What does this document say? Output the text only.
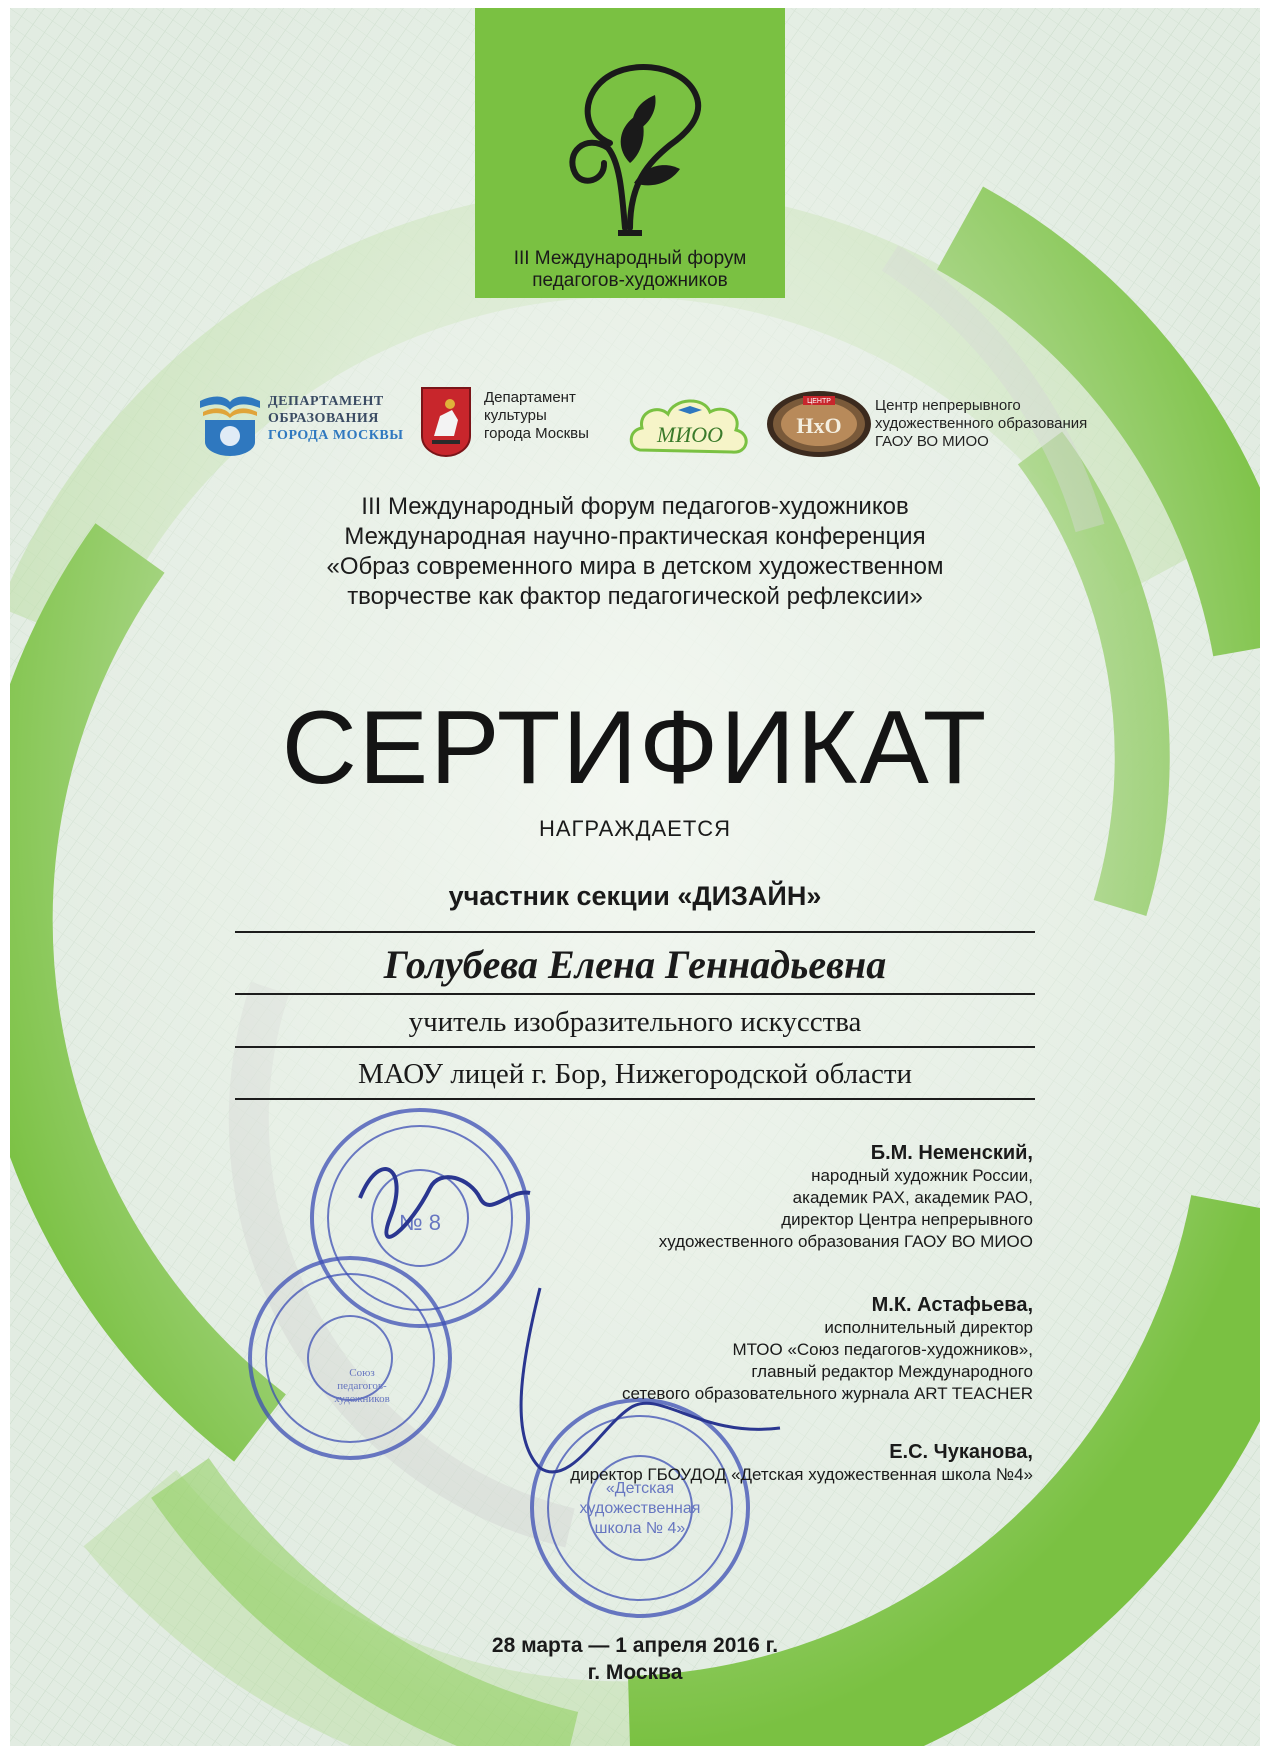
III Международный форум
педагогов-художников
ДЕПАРТАМЕНТ
ОБРАЗОВАНИЯ
ГОРОДА МОСКВЫ
Департамент
культуры
города Москвы	МИОО
ЦЕНТР
НхО
Центр непрерывного
художественного образования
ГАОУ ВО МИОО
III Международный форум педагогов-художников
Международная научно-практическая конференция
«Образ современного мира в детском художественном
творчестве как фактор педагогической рефлексии»
СЕРТИФИКАТ
НАГРАЖДАЕТСЯ
участник секции «ДИЗАЙН»
Голубева Елена Геннадьевна
учитель изобразительного искусства
МАОУ лицей г. Бор, Нижегородской области
№ 8
Союз
педагогов-
художников
«Детская
художественная
школа № 4»
Б.М. Неменский,
народный художник России,
академик РАХ, академик РАО,
директор Центра непрерывного
художественного образования ГАОУ ВО МИОО
М.К. Астафьева,
исполнительный директор
МТОО «Союз педагогов-художников»,
главный редактор Международного
сетевого образовательного журнала ART TEACHER
Е.С. Чуканова,
директор ГБОУДОД «Детская художественная школа №4»
28 марта — 1 апреля 2016 г.
г. Москва
